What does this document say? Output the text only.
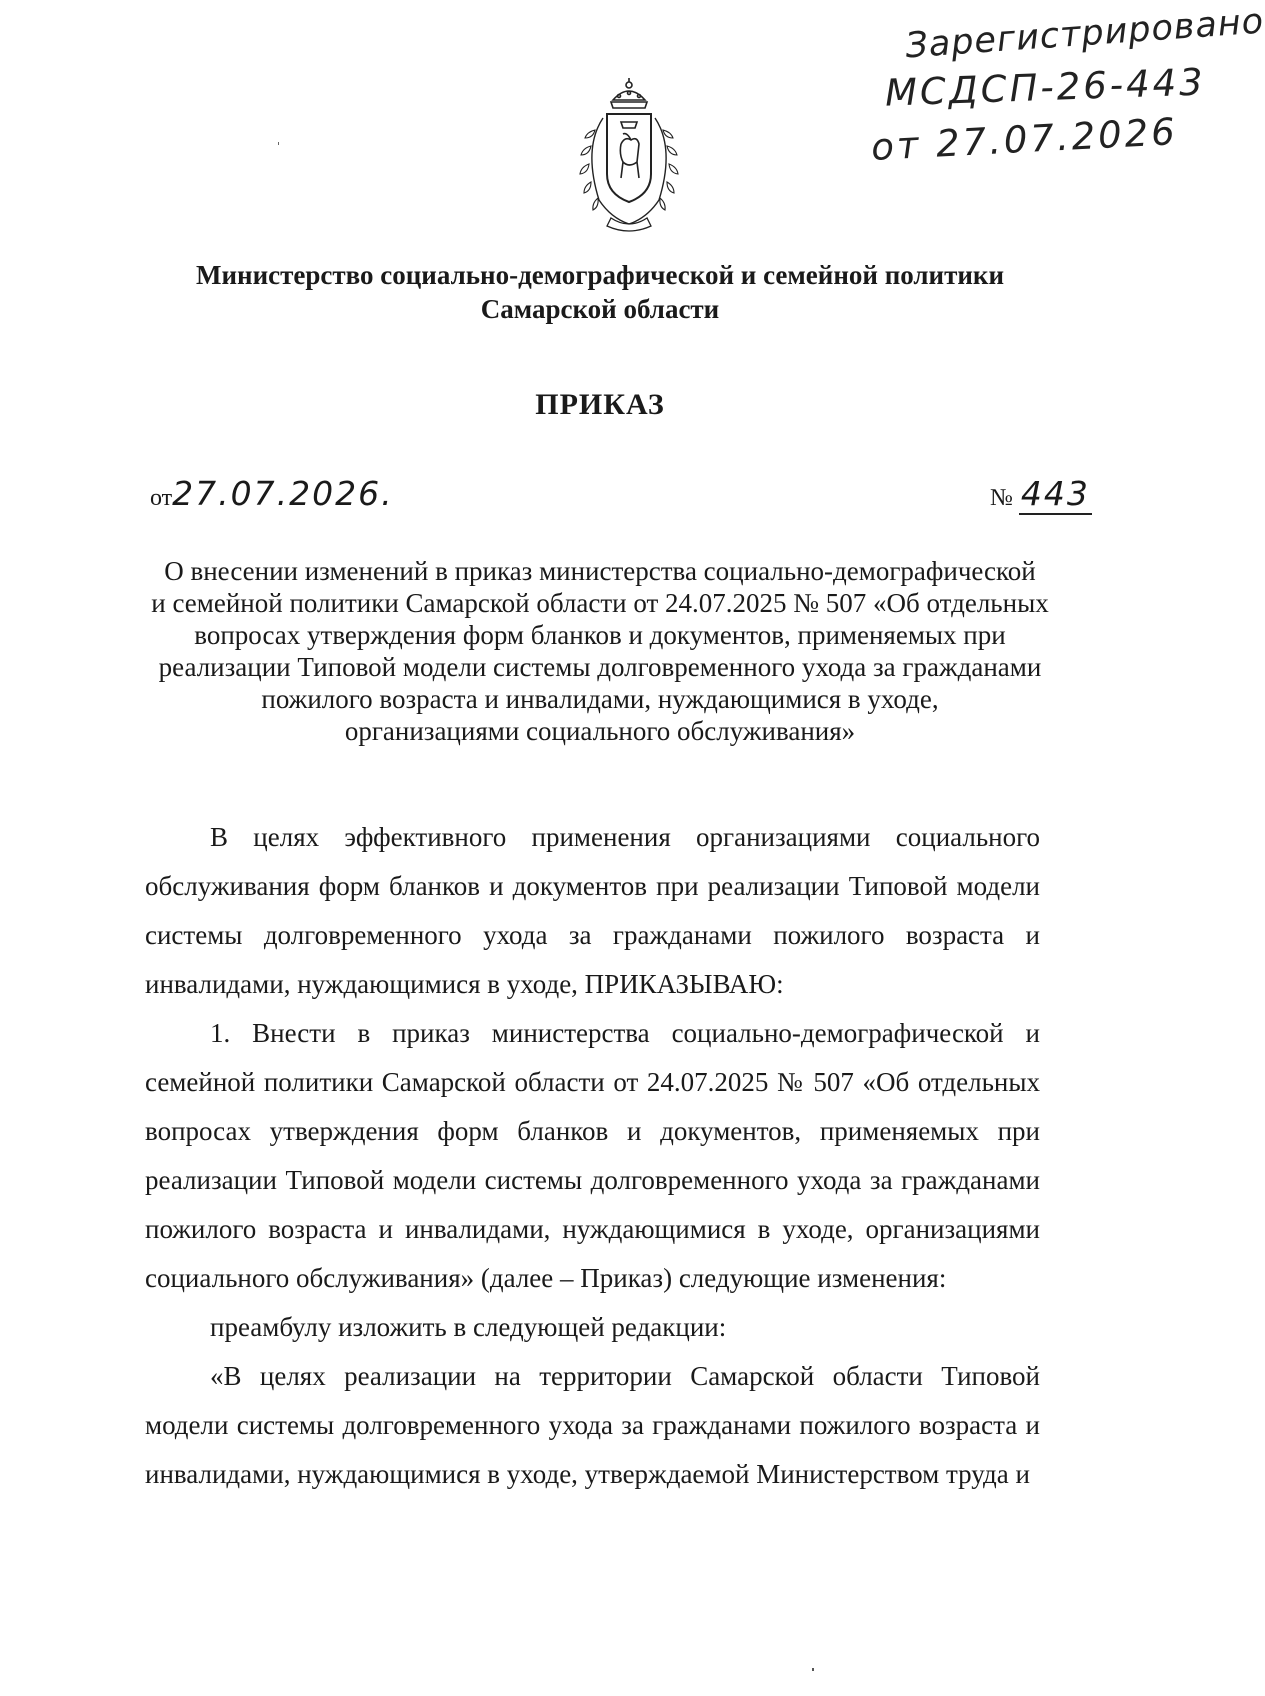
Зарегистрировано
МСДСП-26-443
от 27.07.2026
Министерство социально-демографической и семейной политики
Самарской области
ПРИКАЗ
от27.07.2026.	№ 443
О внесении изменений в приказ министерства социально-демографической
и семейной политики Самарской области от 24.07.2025 № 507 «Об отдельных
вопросах утверждения форм бланков и документов, применяемых при
реализации Типовой модели системы долговременного ухода за гражданами
пожилого возраста и инвалидами, нуждающимися в уходе,
организациями социального обслуживания»

В целях эффективного применения организациями социального обслуживания форм бланков и документов при реализации Типовой модели системы долговременного ухода за гражданами пожилого возраста и инвалидами, нуждающимися в уходе, ПРИКАЗЫВАЮ:

1. Внести в приказ министерства социально-демографической и семейной политики Самарской области от 24.07.2025 № 507 «Об отдельных вопросах утверждения форм бланков и документов, применяемых при реализации Типовой модели системы долговременного ухода за гражданами пожилого возраста и инвалидами, нуждающимися в уходе, организациями социального обслуживания» (далее – Приказ) следующие изменения:

преамбулу изложить в следующей редакции:

«В целях реализации на территории Самарской области Типовой модели системы долговременного ухода за гражданами пожилого возраста и инвалидами, нуждающимися в уходе, утверждаемой Министерством труда и
